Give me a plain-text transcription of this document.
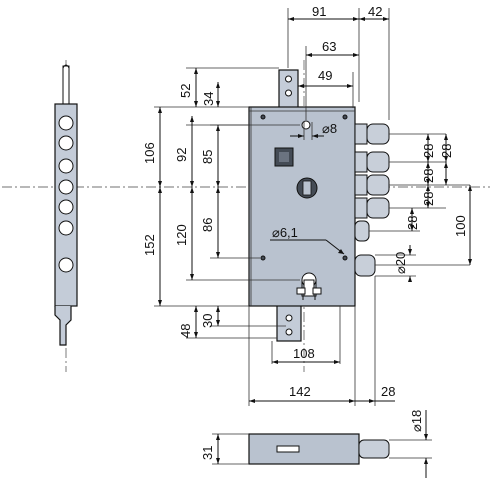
91	42
63
49
⌀8
52
34
106 92 85
152 120 86
48
30
⌀6,1
28
28
28
28
28	100
⌀20
108
142	28
31
⌀18
